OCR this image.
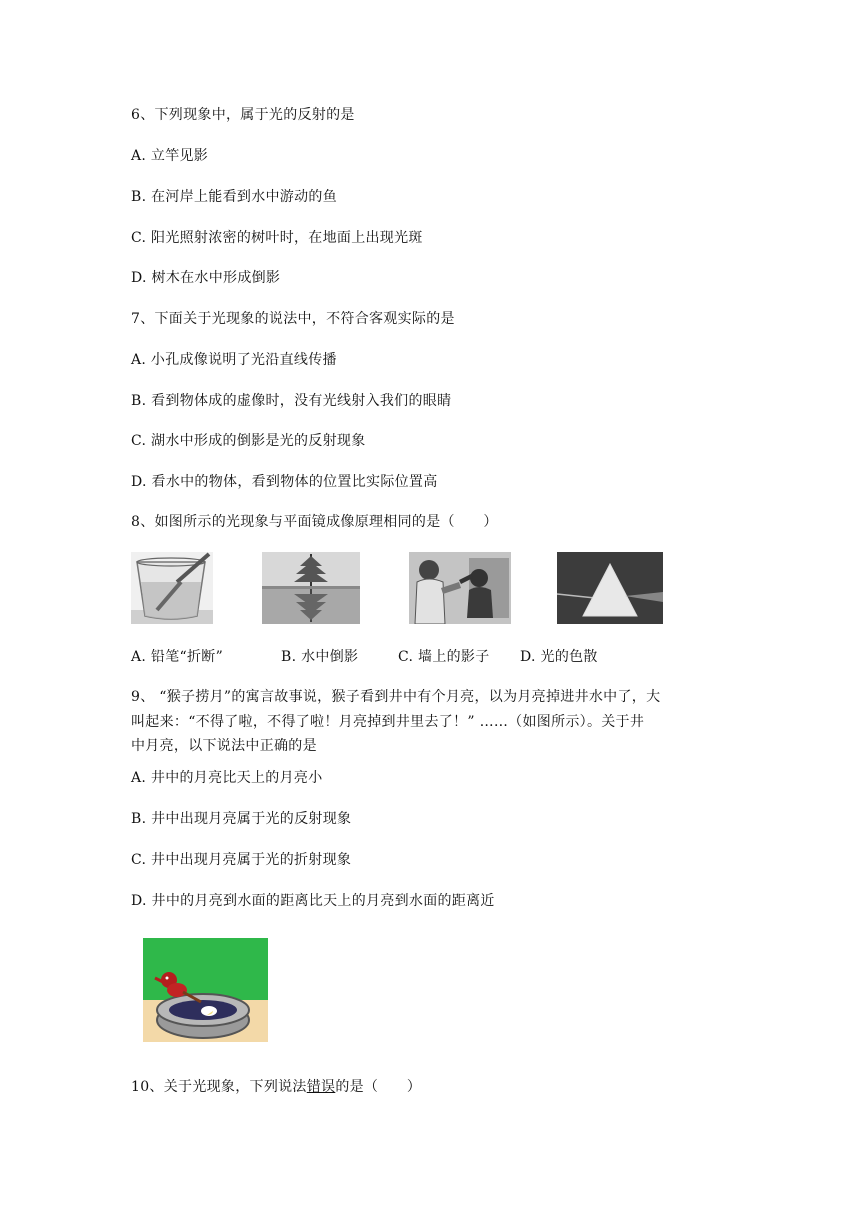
6、下列现象中，属于光的反射的是
A. 立竿见影
B. 在河岸上能看到水中游动的鱼
C. 阳光照射浓密的树叶时，在地面上出现光斑
D. 树木在水中形成倒影
7、下面关于光现象的说法中，不符合客观实际的是
A. 小孔成像说明了光沿直线传播
B. 看到物体成的虚像时，没有光线射入我们的眼睛
C. 湖水中形成的倒影是光的反射现象
D. 看水中的物体，看到物体的位置比实际位置高
8、如图所示的光现象与平面镜成像原理相同的是（　　）
A. 铅笔“折断”	B. 水中倒影	C. 墙上的影子 D. 光的色散
9、 “猴子捞月”的寓言故事说，猴子看到井中有个月亮，以为月亮掉进井水中了，大
叫起来：“不得了啦，不得了啦！月亮掉到井里去了！” ……（如图所示）。关于井
中月亮，以下说法中正确的是
A. 井中的月亮比天上的月亮小
B. 井中出现月亮属于光的反射现象
C. 井中出现月亮属于光的折射现象
D. 井中的月亮到水面的距离比天上的月亮到水面的距离近
10、关于光现象，下列说法错误的是（　　）
